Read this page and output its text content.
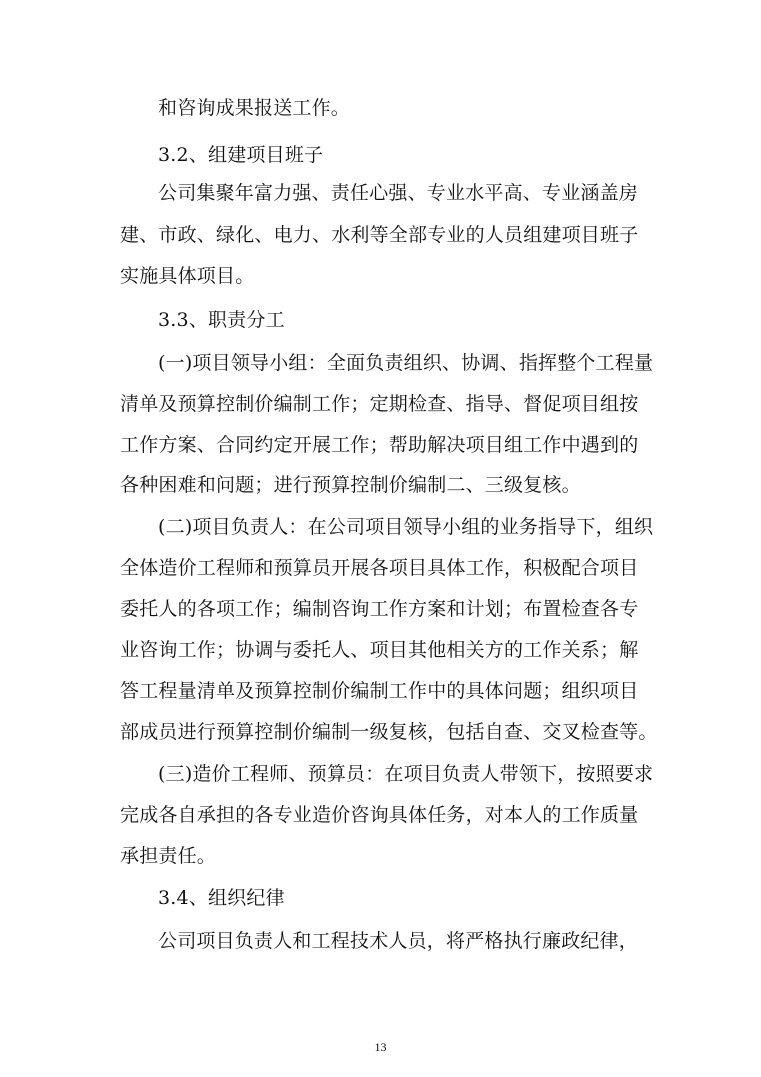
和咨询成果报送工作。
3.2、组建项目班子
公司集聚年富力强、责任心强、专业水平高、专业涵盖房
建、市政、绿化、电力、水利等全部专业的人员组建项目班子
实施具体项目。
3.3、职责分工
(一)项目领导小组：全面负责组织、协调、指挥整个工程量
清单及预算控制价编制工作；定期检查、指导、督促项目组按
工作方案、合同约定开展工作；帮助解决项目组工作中遇到的
各种困难和问题；进行预算控制价编制二、三级复核。
(二)项目负责人：在公司项目领导小组的业务指导下，组织
全体造价工程师和预算员开展各项目具体工作，积极配合项目
委托人的各项工作；编制咨询工作方案和计划；布置检查各专
业咨询工作；协调与委托人、项目其他相关方的工作关系；解
答工程量清单及预算控制价编制工作中的具体问题；组织项目
部成员进行预算控制价编制一级复核，包括自查、交叉检查等。
(三)造价工程师、预算员：在项目负责人带领下，按照要求
完成各自承担的各专业造价咨询具体任务，对本人的工作质量
承担责任。
3.4、组织纪律
公司项目负责人和工程技术人员，将严格执行廉政纪律，
13
